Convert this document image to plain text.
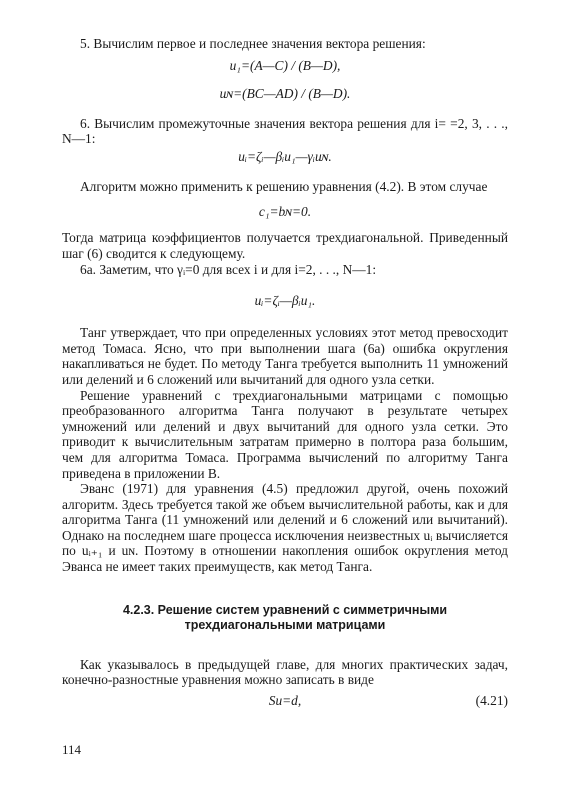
5. Вычислим первое и последнее значения вектора решения:

u₁=(A—C) / (B—D),
uɴ=(BC—AD) / (B—D).

6. Вычислим промежуточные значения вектора решения для i= =2, 3, . . ., N—1:

uᵢ=ζᵢ—βᵢu₁—γᵢuɴ.

Алгоритм можно применить к решению уравнения (4.2). В этом случае

c₁=bɴ=0.

Тогда матрица коэффициентов получается трехдиагональной. Приведенный шаг (6) сводится к следующему.

6а. Заметим, что γᵢ=0 для всех i и для i=2, . . ., N—1:

uᵢ=ζᵢ—βᵢu₁.

Танг утверждает, что при определенных условиях этот метод превосходит метод Томаса. Ясно, что при выполнении шага (6а) ошибка округления накапливаться не будет. По методу Танга требуется выполнить 11 умножений или делений и 6 сложений или вычитаний для одного узла сетки.

Решение уравнений с трехдиагональными матрицами с помощью преобразованного алгоритма Танга получают в результате четырех умножений или делений и двух вычитаний для одного узла сетки. Это приводит к вычислительным затратам примерно в полтора раза большим, чем для алгоритма Томаса. Программа вычислений по алгоритму Танга приведена в приложении В.

Эванс (1971) для уравнения (4.5) предложил другой, очень похожий алгоритм. Здесь требуется такой же объем вычислительной работы, как и для алгоритма Танга (11 умножений или делений и 6 сложений или вычитаний). Однако на последнем шаге процесса исключения неизвестных uᵢ вычисляется по uᵢ₊₁ и uɴ. Поэтому в отношении накопления ошибок округления метод Эванса не имеет таких преимуществ, как метод Танга.

4.2.3. Решение систем уравнений с симметричными
трехдиагональными матрицами

Как указывалось в предыдущей главе, для многих практических задач, конечно-разностные уравнения можно записать в виде

Su=d,	(4.21)
114
